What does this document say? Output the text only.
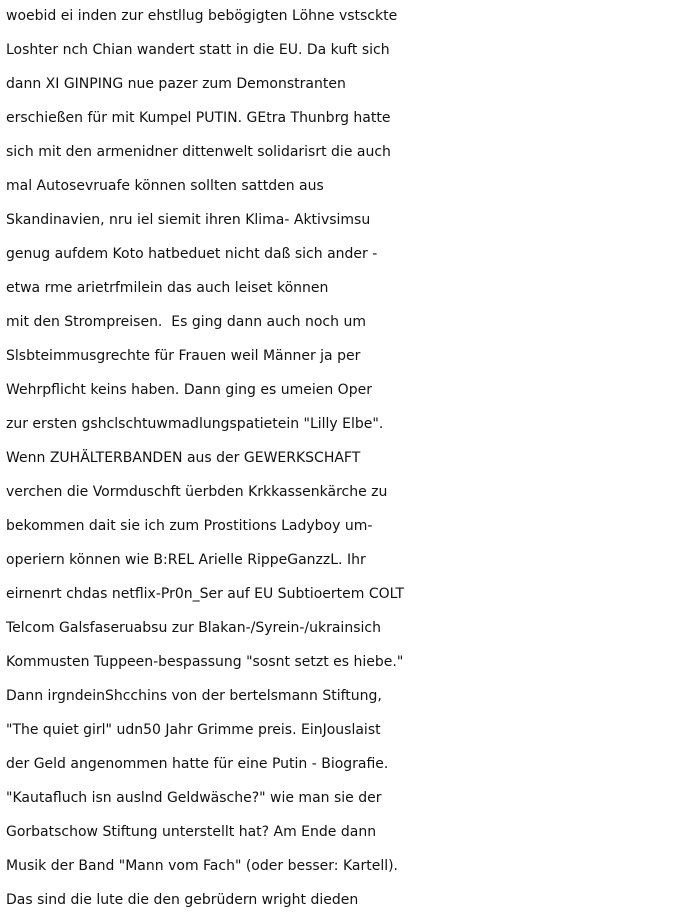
woebid ei inden zur ehstllug bebögigten Löhne vstsckte
Loshter nch Chian wandert statt in die EU. Da kuft sich
dann XI GINPING nue pazer zum Demonstranten
erschießen für mit Kumpel PUTIN. GEtra Thunbrg hatte
sich mit den armenidner dittenwelt solidarisrt die auch
mal Autosevruafe können sollten sattden aus
Skandinavien, nru iel siemit ihren Klima- Aktivsimsu
genug aufdem Koto hatbeduet nicht daß sich ander -
etwa rme arietrfmilein das auch leiset können
mit den Strompreisen.  Es ging dann auch noch um
Slsbteimmusgrechte für Frauen weil Männer ja per
Wehrpflicht keins haben. Dann ging es umeien Oper
zur ersten gshclschtuwmadlungspatietein "Lilly Elbe".
Wenn ZUHÄLTERBANDEN aus der GEWERKSCHAFT
verchen die Vormduschft üerbden Krkkassenkärche zu
bekommen dait sie ich zum Prostitions Ladyboy um-
operiern können wie B:REL Arielle RippeGanzzL. Ihr
eirnenrt chdas netflix-Pr0n_Ser auf EU Subtioertem COLT
Telcom Galsfaseruabsu zur Blakan-/Syrein-/ukrainsich
Kommusten Tuppeen-bespassung "sosnt setzt es hiebe."
Dann irgndeinShcchins von der bertelsmann Stiftung,
"The quiet girl" udn50 Jahr Grimme preis. EinJouslaist
der Geld angenommen hatte für eine Putin - Biografie.
"Kautafluch isn auslnd Geldwäsche?" wie man sie der
Gorbatschow Stiftung unterstellt hat? Am Ende dann
Musik der Band "Mann vom Fach" (oder besser: Kartell).
Das sind die lute die den gebrüdern wright dieden
